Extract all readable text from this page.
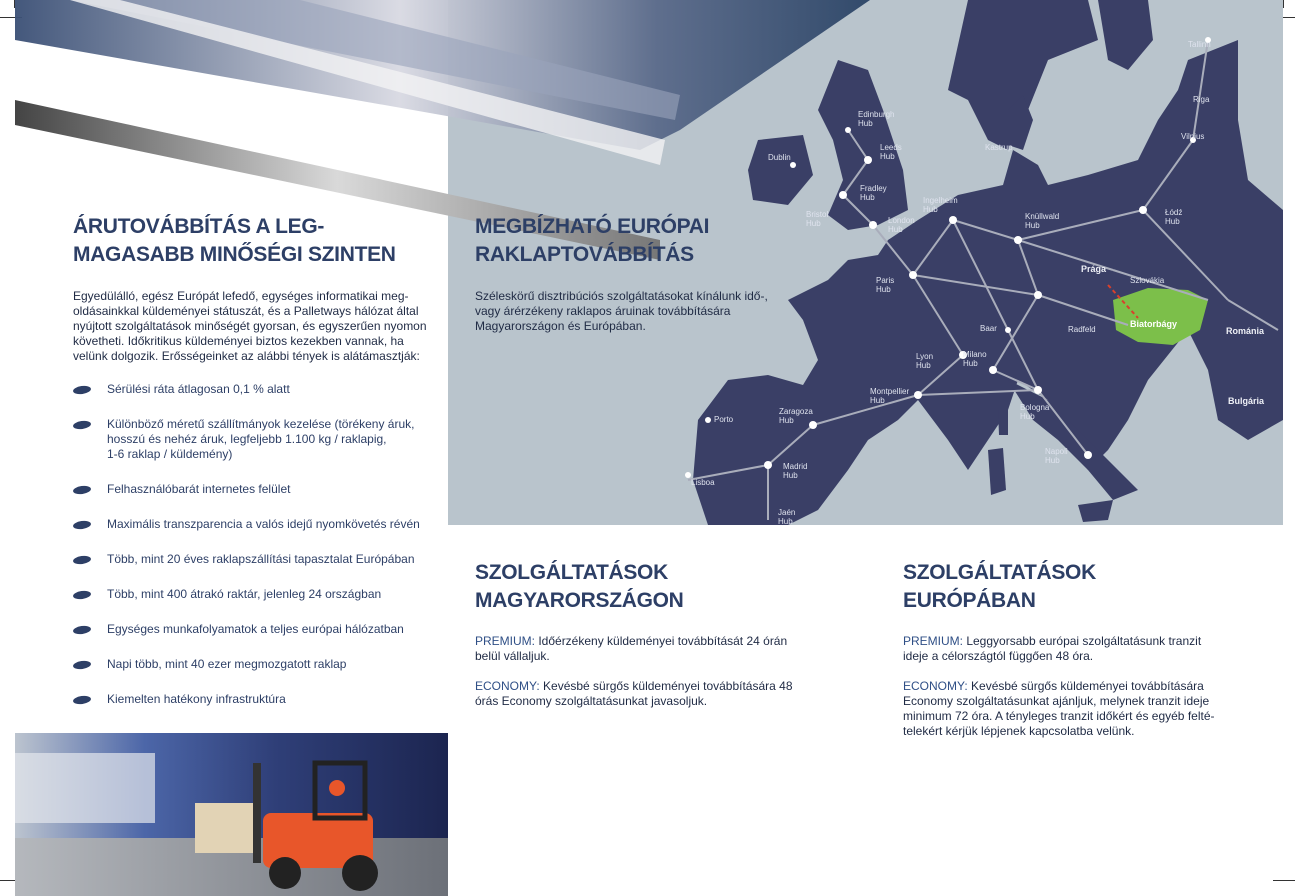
Tallinn
Riga
Vilnius
Edinburgh
Hub
Leeds
Hub
Dublin
Fradley
Hub
Bristol
Hub	London
Hub
Ingelheim
Hub
Kastrup
Knüllwald
Hub
Łódź
Hub
Prága
Szlovákia
Paris
Hub
Baar	Radfeld
Biatorbágy
Románia
Lyon
Hub
Milano
Hub
Montpellier
Hub
Bologna
Hub
Bulgária
Porto
Zaragoza
Hub
Madrid
Hub
Lisboa
Napoli
Hub
Jaén
Hub
ÁRUTOVÁBBÍTÁS A LEG-
MAGASABB MINŐSÉGI SZINTEN
Egyedülálló, egész Európát lefedő, egységes informatikai meg-
oldásainkkal küldeményei státuszát, és a Palletways hálózat által
nyújtott szolgáltatások minőségét gyorsan, és egyszerűen nyomon
követheti. Időkritikus küldeményei biztos kezekben vannak, ha
velünk dolgozik. Erősségeinket az alábbi tények is alátámasztják:
Sérülési ráta átlagosan 0,1 % alatt
Különböző méretű szállítmányok kezelése (törékeny áruk,
hosszú és nehéz áruk, legfeljebb 1.100 kg / raklapig,
1-6 raklap / küldemény)
Felhasználóbarát internetes felület
Maximális transzparencia a valós idejű nyomkövetés révén
Több, mint 20 éves raklapszállítási tapasztalat Európában
Több, mint 400 átrakó raktár, jelenleg 24 országban
Egységes munkafolyamatok a teljes európai hálózatban
Napi több, mint 40 ezer megmozgatott raklap
Kiemelten hatékony infrastruktúra
MEGBÍZHATÓ EURÓPAI
RAKLAPTOVÁBBÍTÁS
Széleskörű disztribúciós szolgáltatásokat kínálunk idő-,
vagy árérzékeny raklapos áruinak továbbítására
Magyarországon és Európában.
SZOLGÁLTATÁSOK
MAGYARORSZÁGON
PREMIUM: Időérzékeny küldeményei továbbítását 24 órán
belül vállaljuk.
ECONOMY: Kevésbé sürgős küldeményei továbbítására 48
órás Economy szolgáltatásunkat javasoljuk.
SZOLGÁLTATÁSOK
EURÓPÁBAN
PREMIUM: Leggyorsabb európai szolgáltatásunk tranzit
ideje a célországtól függően 48 óra.
ECONOMY: Kevésbé sürgős küldeményei továbbítására
Economy szolgáltatásunkat ajánljuk, melynek tranzit ideje
minimum 72 óra. A tényleges tranzit időkért és egyéb felté-
telekért kérjük lépjenek kapcsolatba velünk.
